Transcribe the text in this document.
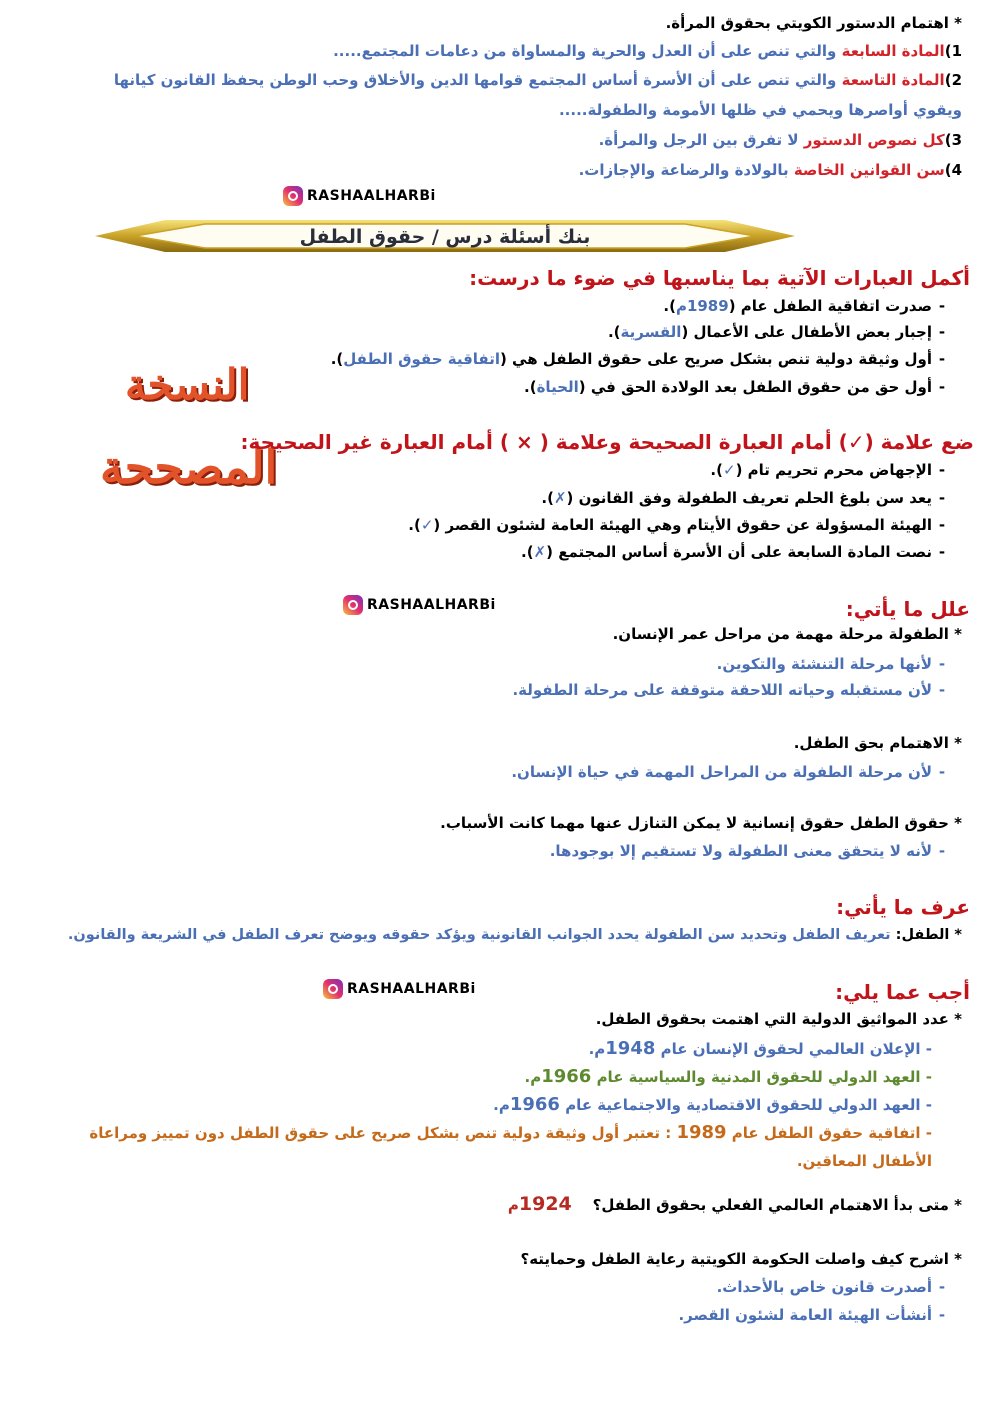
* اهتمام الدستور الكويتي بحقوق المرأة.
1)المادة السابعة والتي تنص على أن العدل والحرية والمساواة من دعامات المجتمع.....
2)المادة التاسعة والتي تنص على أن الأسرة أساس المجتمع قوامها الدين والأخلاق وحب الوطن يحفظ القانون كيانها
ويقوي أواصرها ويحمي في ظلها الأمومة والطفولة.....
3)كل نصوص الدستور لا تفرق بين الرجل والمرأة.
4)سن القوانين الخاصة بالولادة والرضاعة والإجازات.
RASHAALHARBi
بنك أسئلة درس / حقوق الطفل
النسخة
المصححة
أكمل العبارات الآتية بما يناسبها في ضوء ما درست:
-صدرت اتفاقية الطفل عام (1989م).
-إجبار بعض الأطفال على الأعمال (القسرية).
-أول وثيقة دولية تنص بشكل صريح على حقوق الطفل هي (اتفاقية حقوق الطفل).
-أول حق من حقوق الطفل بعد الولادة الحق في (الحياة).
ضع علامة (✓) أمام العبارة الصحيحة وعلامة ( × ) أمام العبارة غير الصحيحة:
-الإجهاض محرم تحريم تام (✓).
-يعد سن بلوغ الحلم تعريف الطفولة وفق القانون (✗).
-الهيئة المسؤولة عن حقوق الأيتام وهي الهيئة العامة لشئون القصر (✓).
-نصت المادة السابعة على أن الأسرة أساس المجتمع (✗).
RASHAALHARBi	علل ما يأتي:
* الطفولة مرحلة مهمة من مراحل عمر الإنسان.
-لأنها مرحلة التنشئة والتكوين.
-لأن مستقبله وحياته اللاحقة متوقفة على مرحلة الطفولة.
* الاهتمام بحق الطفل.
-لأن مرحلة الطفولة من المراحل المهمة في حياة الإنسان.
* حقوق الطفل حقوق إنسانية لا يمكن التنازل عنها مهما كانت الأسباب.
-لأنه لا يتحقق معنى الطفولة ولا تستقيم إلا بوجودها.
عرف ما يأتي:
* الطفل: تعريف الطفل وتحديد سن الطفولة يحدد الجوانب القانونية ويؤكد حقوقه ويوضح تعرف الطفل في الشريعة والقانون.
RASHAALHARBi	أجب عما يلي:
* عدد المواثيق الدولية التي اهتمت بحقوق الطفل.
- الإعلان العالمي لحقوق الإنسان عام 1948م.
- العهد الدولي للحقوق المدنية والسياسية عام 1966م.
- العهد الدولي للحقوق الاقتصادية والاجتماعية عام 1966م.
- اتفاقية حقوق الطفل عام 1989 : تعتبر أول وثيقة دولية تنص بشكل صريح على حقوق الطفل دون تمييز ومراعاة
الأطفال المعاقين.
* متى بدأ الاهتمام العالمي الفعلي بحقوق الطفل؟    1924م
* اشرح كيف واصلت الحكومة الكويتية رعاية الطفل وحمايته؟
-أصدرت قانون خاص بالأحداث.
-أنشأت الهيئة العامة لشئون القصر.
